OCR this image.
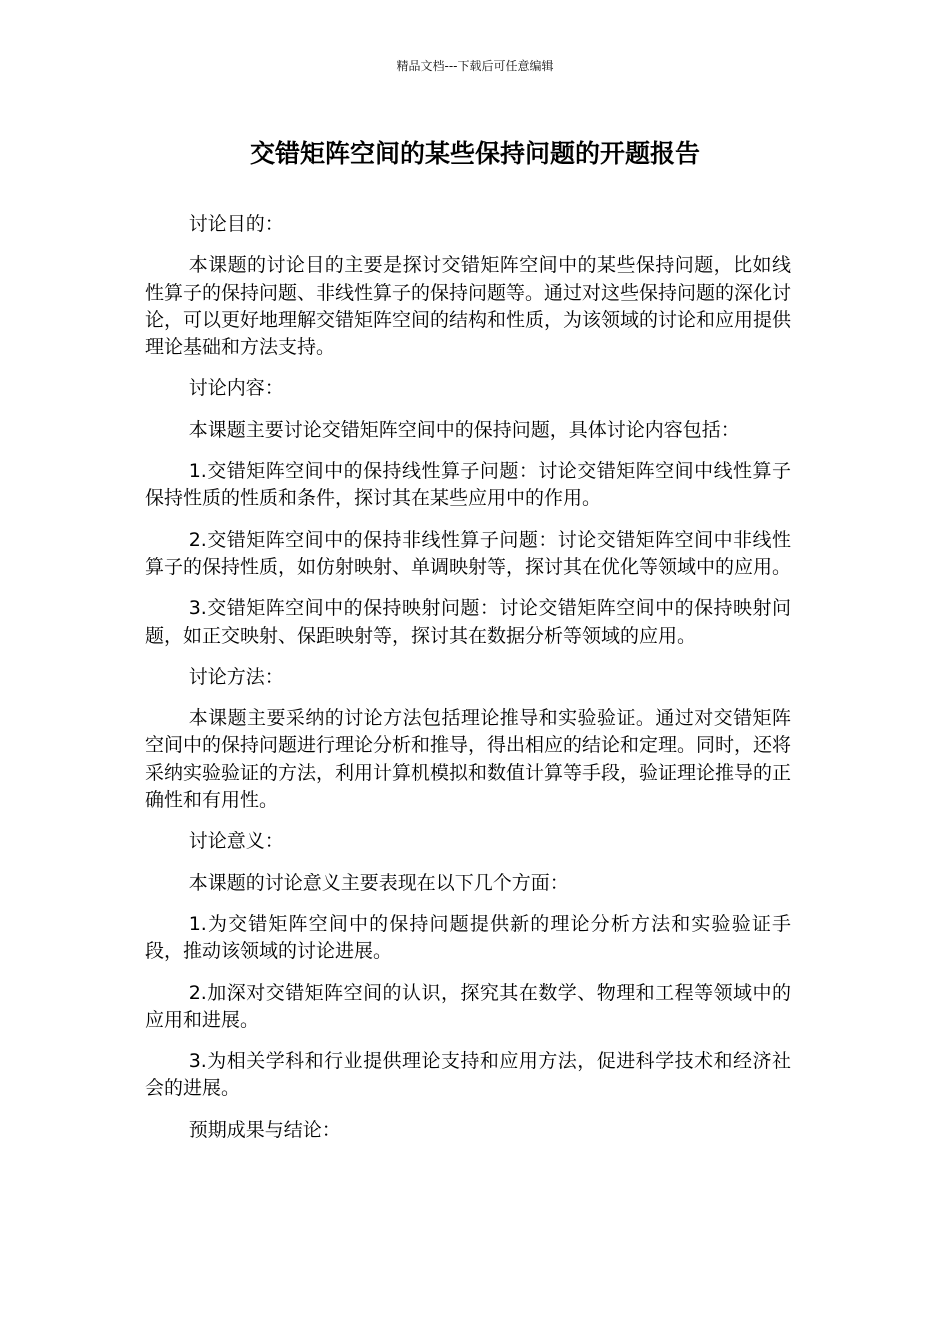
精品文档---下载后可任意编辑
交错矩阵空间的某些保持问题的开题报告

讨论目的：

本课题的讨论目的主要是探讨交错矩阵空间中的某些保持问题，比如线性算子的保持问题、非线性算子的保持问题等。通过对这些保持问题的深化讨论，可以更好地理解交错矩阵空间的结构和性质，为该领域的讨论和应用提供理论基础和方法支持。

讨论内容：

本课题主要讨论交错矩阵空间中的保持问题，具体讨论内容包括：

1.交错矩阵空间中的保持线性算子问题：讨论交错矩阵空间中线性算子保持性质的性质和条件，探讨其在某些应用中的作用。

2.交错矩阵空间中的保持非线性算子问题：讨论交错矩阵空间中非线性算子的保持性质，如仿射映射、单调映射等，探讨其在优化等领域中的应用。

3.交错矩阵空间中的保持映射问题：讨论交错矩阵空间中的保持映射问题，如正交映射、保距映射等，探讨其在数据分析等领域的应用。

讨论方法：

本课题主要采纳的讨论方法包括理论推导和实验验证。通过对交错矩阵空间中的保持问题进行理论分析和推导，得出相应的结论和定理。同时，还将采纳实验验证的方法，利用计算机模拟和数值计算等手段，验证理论推导的正确性和有用性。

讨论意义：

本课题的讨论意义主要表现在以下几个方面：

1.为交错矩阵空间中的保持问题提供新的理论分析方法和实验验证手段，推动该领域的讨论进展。

2.加深对交错矩阵空间的认识，探究其在数学、物理和工程等领域中的应用和进展。

3.为相关学科和行业提供理论支持和应用方法，促进科学技术和经济社会的进展。

预期成果与结论：
